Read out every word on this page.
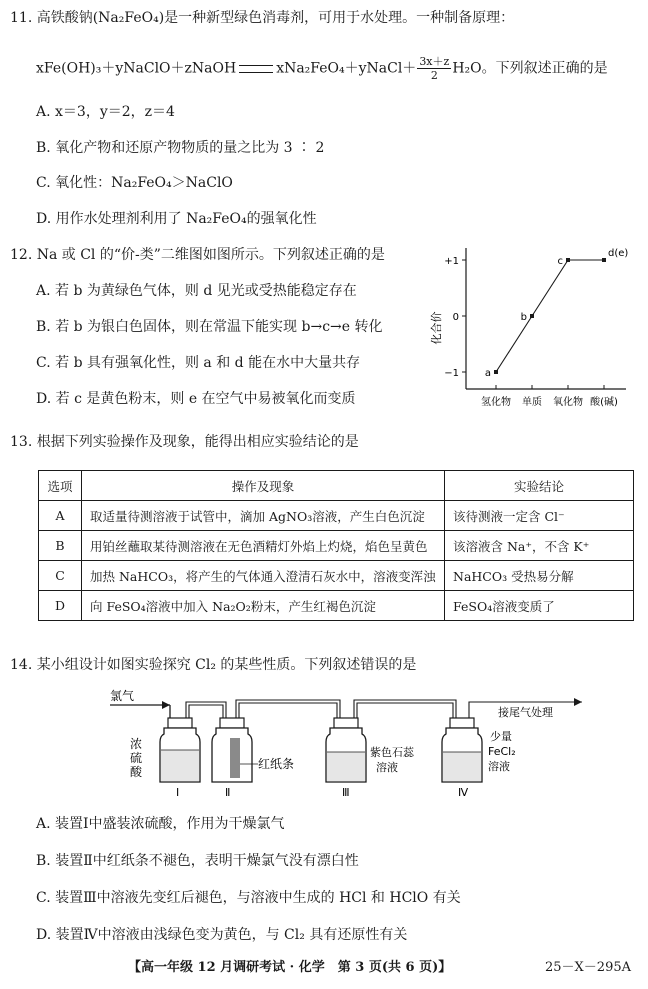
11. 高铁酸钠(Na₂FeO₄)是一种新型绿色消毒剂，可用于水处理。一种制备原理：
xFe(OH)₃＋yNaClO＋zNaOH	xNa₂FeO₄＋yNaCl＋ $\frac{3x+z}{2} H_2O$。下列叙述正确的是
A. x＝3，y＝2，z＝4
B. 氧化产物和还原产物物质的量之比为 3 ∶ 2
C. 氧化性：Na₂FeO₄＞NaClO
D. 用作水处理剂利用了 Na₂FeO₄的强氧化性
12. Na 或 Cl 的“价-类”二维图如图所示。下列叙述正确的是
A. 若 b 为黄绿色气体，则 d 见光或受热能稳定存在
B. 若 b 为银白色固体，则在常温下能实现 b→c→e 转化
C. 若 b 具有强氧化性，则 a 和 d 能在水中大量共存
D. 若 c 是黄色粉末，则 e 在空气中易被氧化而变质
化合价
+1
0
−1
氢化物 单质 氧化物 酸(碱)
a
b
c
d(e)
13. 根据下列实验操作及现象，能得出相应实验结论的是
选项	操作及现象	实验结论
A	取适量待测溶液于试管中，滴加 AgNO₃溶液，产生白色沉淀	该待测液一定含 Cl⁻
B	用铂丝蘸取某待测溶液在无色酒精灯外焰上灼烧，焰色呈黄色	该溶液含 Na⁺，不含 K⁺
C	加热 NaHCO₃，将产生的气体通入澄清石灰水中，溶液变浑浊	NaHCO₃ 受热易分解
D	向 FeSO₄溶液中加入 Na₂O₂粉末，产生红褐色沉淀	FeSO₄溶液变质了
14. 某小组设计如图实验探究 Cl₂ 的某些性质。下列叙述错误的是
氯气
接尾气处理
浓
硫
酸
Ⅰ
红纸条
Ⅱ
紫色石蕊
溶液
Ⅲ
少量
FeCl₂
溶液
Ⅳ
A. 装置Ⅰ中盛装浓硫酸，作用为干燥氯气
B. 装置Ⅱ中红纸条不褪色，表明干燥氯气没有漂白性
C. 装置Ⅲ中溶液先变红后褪色，与溶液中生成的 HCl 和 HClO 有关
D. 装置Ⅳ中溶液由浅绿色变为黄色，与 Cl₂ 具有还原性有关
【高一年级 12 月调研考试 · 化学　第 3 页(共 6 页)】	25－X－295A
